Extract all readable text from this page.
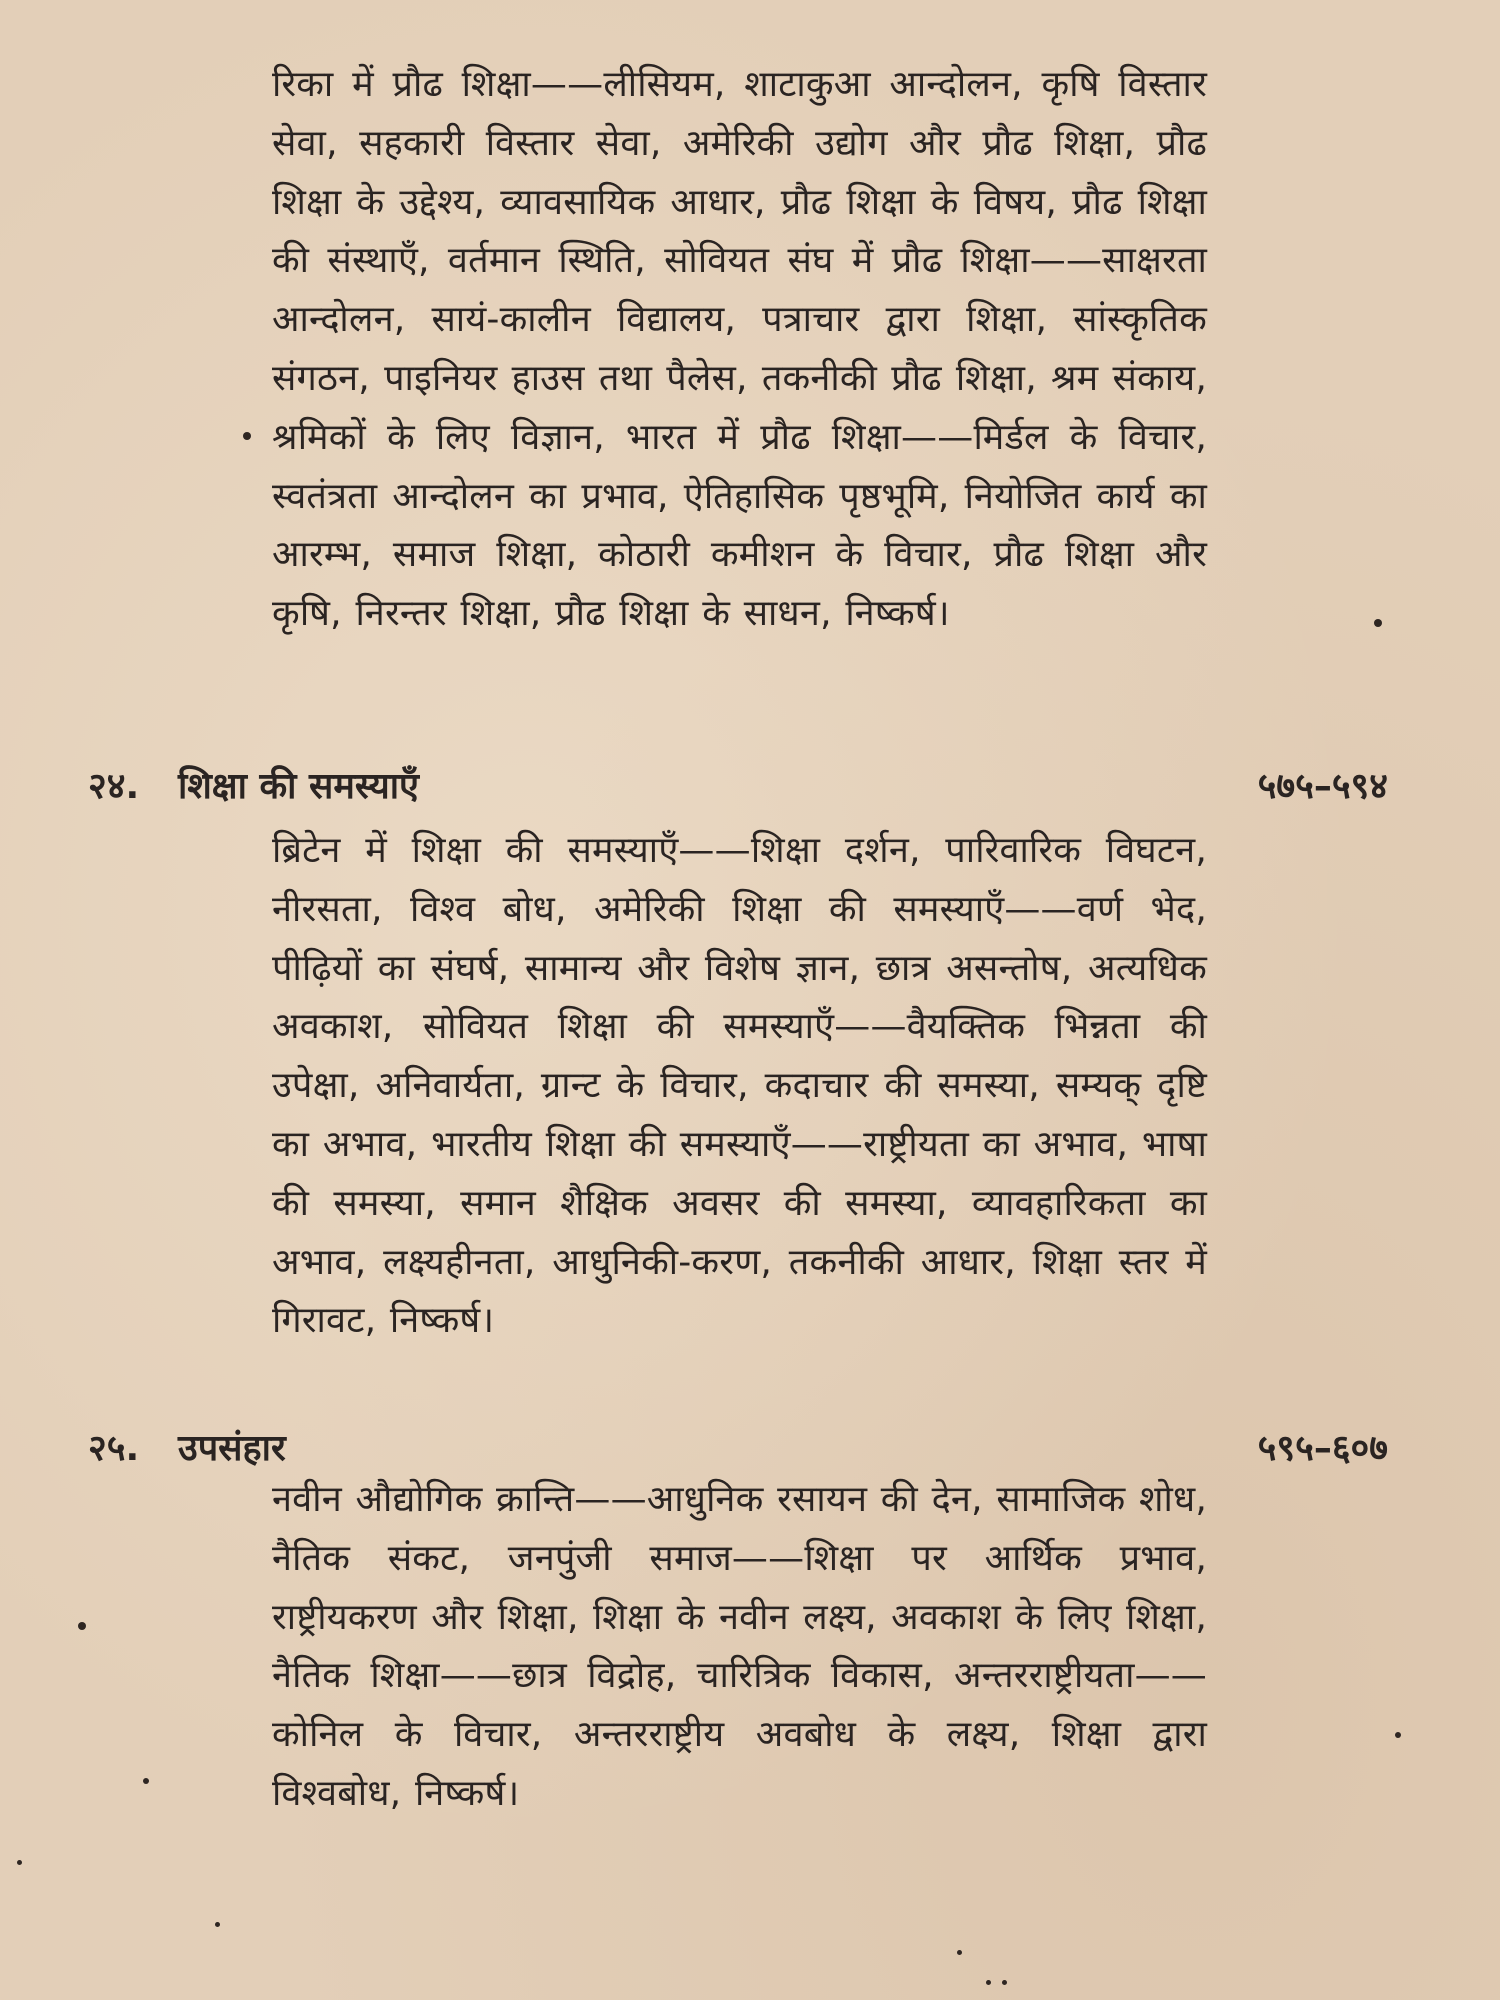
रिका में प्रौढ शिक्षा——लीसियम, शाटाकुआ आन्दोलन, कृषि विस्तार सेवा, सहकारी विस्तार सेवा, अमेरिकी उद्योग और प्रौढ शिक्षा, प्रौढ शिक्षा के उद्देश्य, व्यावसायिक आधार, प्रौढ शिक्षा के विषय, प्रौढ शिक्षा की संस्थाएँ, वर्तमान स्थिति, सोवियत संघ में प्रौढ शिक्षा——साक्षरता आन्दोलन, सायं-कालीन विद्यालय, पत्राचार द्वारा शिक्षा, सांस्कृतिक संगठन, पाइनियर हाउस तथा पैलेस, तकनीकी प्रौढ शिक्षा, श्रम संकाय, श्रमिकों के लिए विज्ञान, भारत में प्रौढ शिक्षा——मिर्डल के विचार, स्वतंत्रता आन्दोलन का प्रभाव, ऐतिहासिक पृष्ठभूमि, नियोजित कार्य का आरम्भ, समाज शिक्षा, कोठारी कमीशन के विचार, प्रौढ शिक्षा और कृषि, निरन्तर शिक्षा, प्रौढ शिक्षा के साधन, निष्कर्ष।
२४. शिक्षा की समस्याएँ	५७५–५९४
ब्रिटेन में शिक्षा की समस्याएँ——शिक्षा दर्शन, पारिवारिक विघटन, नीरसता, विश्व बोध, अमेरिकी शिक्षा की समस्याएँ——वर्ण भेद, पीढ़ियों का संघर्ष, सामान्य और विशेष ज्ञान, छात्र असन्तोष, अत्यधिक अवकाश, सोवियत शिक्षा की समस्याएँ——वैयक्तिक भिन्नता की उपेक्षा, अनिवार्यता, ग्रान्ट के विचार, कदाचार की समस्या, सम्यक् दृष्टि का अभाव, भारतीय शिक्षा की समस्याएँ——राष्ट्रीयता का अभाव, भाषा की समस्या, समान शैक्षिक अवसर की समस्या, व्यावहारिकता का अभाव, लक्ष्यहीनता, आधुनिकी-करण, तकनीकी आधार, शिक्षा स्तर में गिरावट, निष्कर्ष।
२५. उपसंहार	५९५–६०७
नवीन औद्योगिक क्रान्ति——आधुनिक रसायन की देन, सामाजिक शोध, नैतिक संकट, जनपुंजी समाज——शिक्षा पर आर्थिक प्रभाव, राष्ट्रीयकरण और शिक्षा, शिक्षा के नवीन लक्ष्य, अवकाश के लिए शिक्षा, नैतिक शिक्षा——छात्र विद्रोह, चारित्रिक विकास, अन्तरराष्ट्रीयता——कोनिल के विचार, अन्तरराष्ट्रीय अवबोध के लक्ष्य, शिक्षा द्वारा विश्वबोध, निष्कर्ष।
